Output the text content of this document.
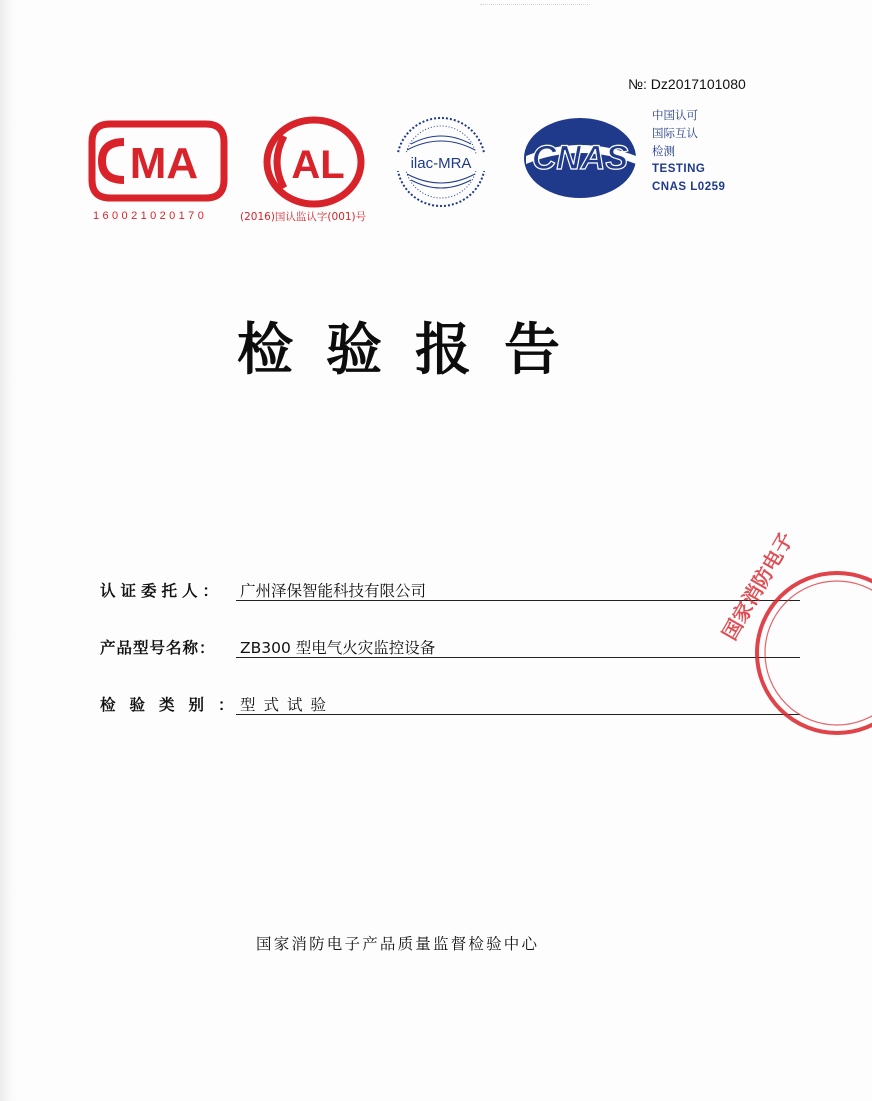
№: Dz2017101080
MA
160021020170
AL
(2016)国认监认字(001)号
ilac-MRA CNAS
中国认可
国际互认
检测
TESTING
CNAS L0259
检验报告
认证委托人： 广州泽保智能科技有限公司
产品型号名称： ZB300 型电气火灾监控设备
检验类别：
型式试验
国家消防电子产品质量监督检验中心
国家消防电子
